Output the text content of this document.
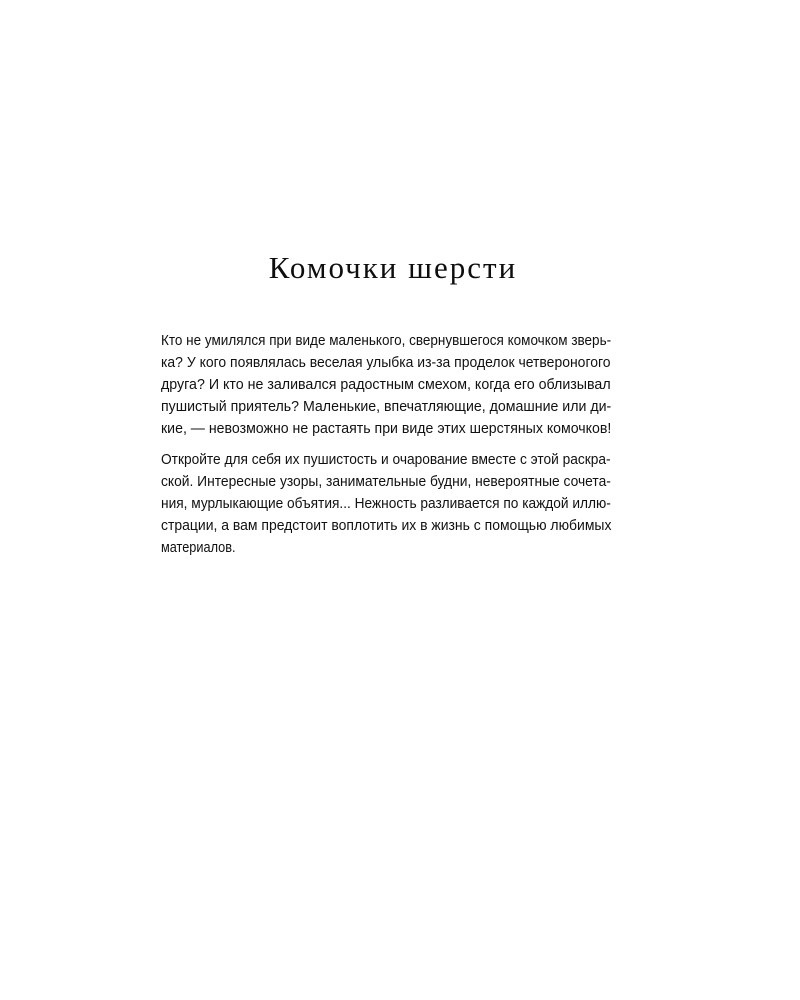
Комочки шерсти
Кто не умилялся при виде маленького, свернувшегося комочком зверь-
ка? У кого появлялась веселая улыбка из-за проделок четвероногого
друга? И кто не заливался радостным смехом, когда его облизывал
пушистый приятель? Маленькие, впечатляющие, домашние или ди-
кие, — невозможно не растаять при виде этих шерстяных комочков!
Откройте для себя их пушистость и очарование вместе с этой раскра-
ской. Интересные узоры, занимательные будни, невероятные сочета-
ния, мурлыкающие объятия... Нежность разливается по каждой иллю-
страции, а вам предстоит воплотить их в жизнь с помощью любимых
материалов.
